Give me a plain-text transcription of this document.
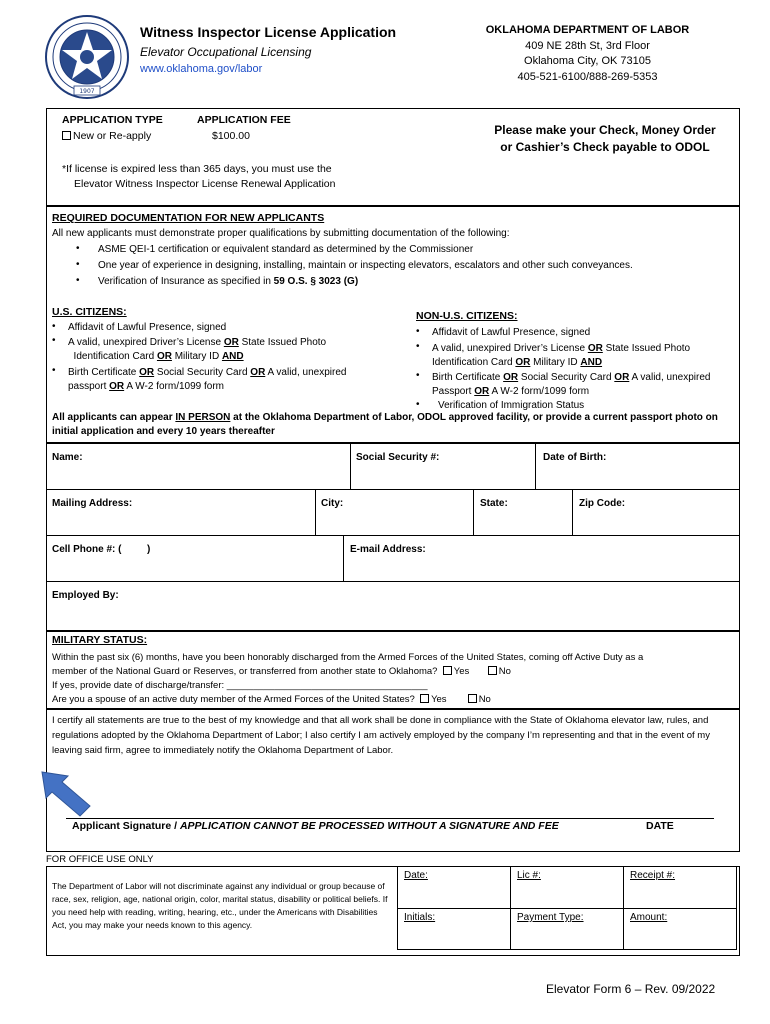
1907
Witness Inspector License Application
Elevator Occupational Licensing
www.oklahoma.gov/labor
OKLAHOMA DEPARTMENT OF LABOR
409 NE 28th St, 3rd Floor
Oklahoma City, OK 73105
405-521-6100/888-269-5353
APPLICATION TYPE
New or Re-apply
APPLICATION FEE
$100.00	Please make your Check, Money Order
or Cashier’s Check payable to ODOL
*If license is expired less than 365 days, you must use the
Elevator Witness Inspector License Renewal Application
REQUIRED DOCUMENTATION FOR NEW APPLICANTS
All new applicants must demonstrate proper qualifications by submitting documentation of the following:
• ASME QEI-1 certification or equivalent standard as determined by the Commissioner
• One year of experience in designing, installing, maintain or inspecting elevators, escalators and other such conveyances.
• Verification of Insurance as specified in 59 O.S. § 3023 (G)
U.S. CITIZENS:
• Affidavit of Lawful Presence, signed
• A valid, unexpired Driver’s License OR State Issued Photo
Identification Card OR Military ID AND
• Birth Certificate OR Social Security Card OR A valid, unexpired
passport OR A W-2 form/1099 form
NON-U.S. CITIZENS:
• Affidavit of Lawful Presence, signed
• A valid, unexpired Driver’s License OR State Issued Photo
Identification Card OR Military ID AND
• Birth Certificate OR Social Security Card OR A valid, unexpired
Passport OR A W-2 form/1099 form
• Verification of Immigration Status
All applicants can appear IN PERSON at the Oklahoma Department of Labor, ODOL approved facility, or provide a current passport photo on initial application and every 10 years thereafter
Name:	Social Security #:	Date of Birth:
Mailing Address:	City:	State:	Zip Code:
Cell Phone #: (	)	E-mail Address:
Employed By:
MILITARY STATUS:
Within the past six (6) months, have you been honorably discharged from the Armed Forces of the United States, coming off Active Duty as a
member of the National Guard or Reserves, or transferred from another state to Oklahoma? Yes	No
If yes, provide date of discharge/transfer: ______________________________________
Are you a spouse of an active duty member of the Armed Forces of the United States? Yes	No
I certify all statements are true to the best of my knowledge and that all work shall be done in compliance with the State of Oklahoma elevator law, rules, and regulations adopted by the Oklahoma Department of Labor; I also certify I am actively employed by the company I’m representing and that in the event of my leaving said firm, agree to immediately notify the Oklahoma Department of Labor.
Applicant Signature / APPLICATION CANNOT BE PROCESSED WITHOUT A SIGNATURE AND FEE	DATE
FOR OFFICE USE ONLY
The Department of Labor will not discriminate against any individual or group because of race, sex, religion, age, national origin, color, marital status, disability or political beliefs. If you need help with reading, writing, hearing, etc., under the Americans with Disabilities Act, you may make your needs known to this agency.
Date:	Lic #:	Receipt #:
Initials:	Payment Type:	Amount:
Elevator Form 6 – Rev. 09/2022
